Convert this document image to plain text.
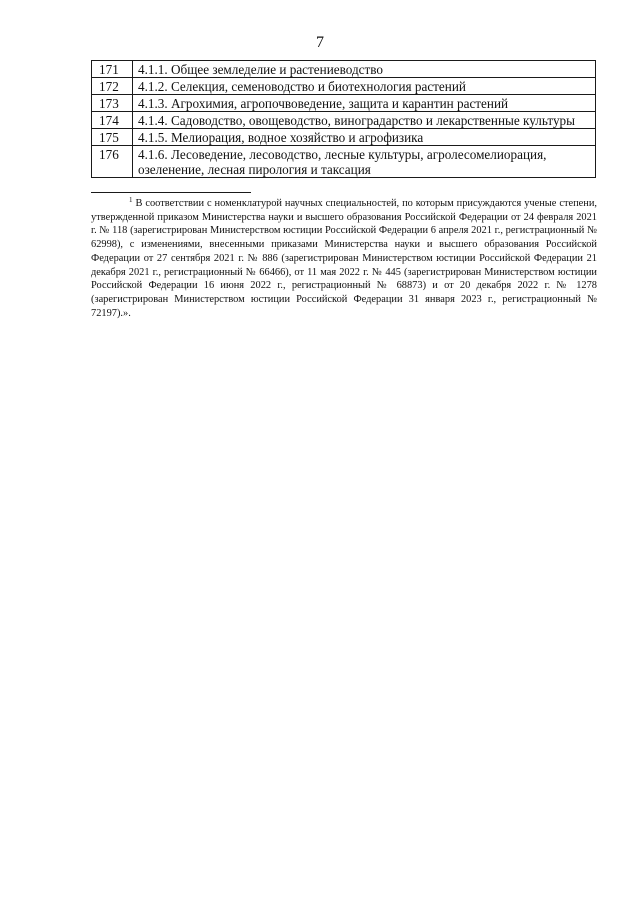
7
171	4.1.1. Общее земледелие и растениеводство
172	4.1.2. Селекция, семеноводство и биотехнология растений
173	4.1.3. Агрохимия, агропочвоведение, защита и карантин растений
174	4.1.4. Садоводство, овощеводство, виноградарство и лекарственные культуры
175	4.1.5. Мелиорация, водное хозяйство и агрофизика
176	4.1.6. Лесоведение, лесоводство, лесные культуры, агролесомелиорация, озеленение, лесная пирология и таксация

$^1$ В соответствии с номенклатурой научных специальностей, по которым присуждаются ученые степени, утвержденной приказом Министерства науки и высшего образования Российской Федерации от 24 февраля 2021 г. № 118 (зарегистрирован Министерством юстиции Российской Федерации 6 апреля 2021 г., регистрационный № 62998), с изменениями, внесенными приказами Министерства науки и высшего образования Российской Федерации от 27 сентября 2021 г. № 886 (зарегистрирован Министерством юстиции Российской Федерации 21 декабря 2021 г., регистрационный № 66466), от 11 мая 2022 г. № 445 (зарегистрирован Министерством юстиции Российской Федерации 16 июня 2022 г., регистрационный № 68873) и от 20 декабря 2022 г. № 1278 (зарегистрирован Министерством юстиции Российской Федерации 31 января 2023 г., регистрационный № 72197).».
